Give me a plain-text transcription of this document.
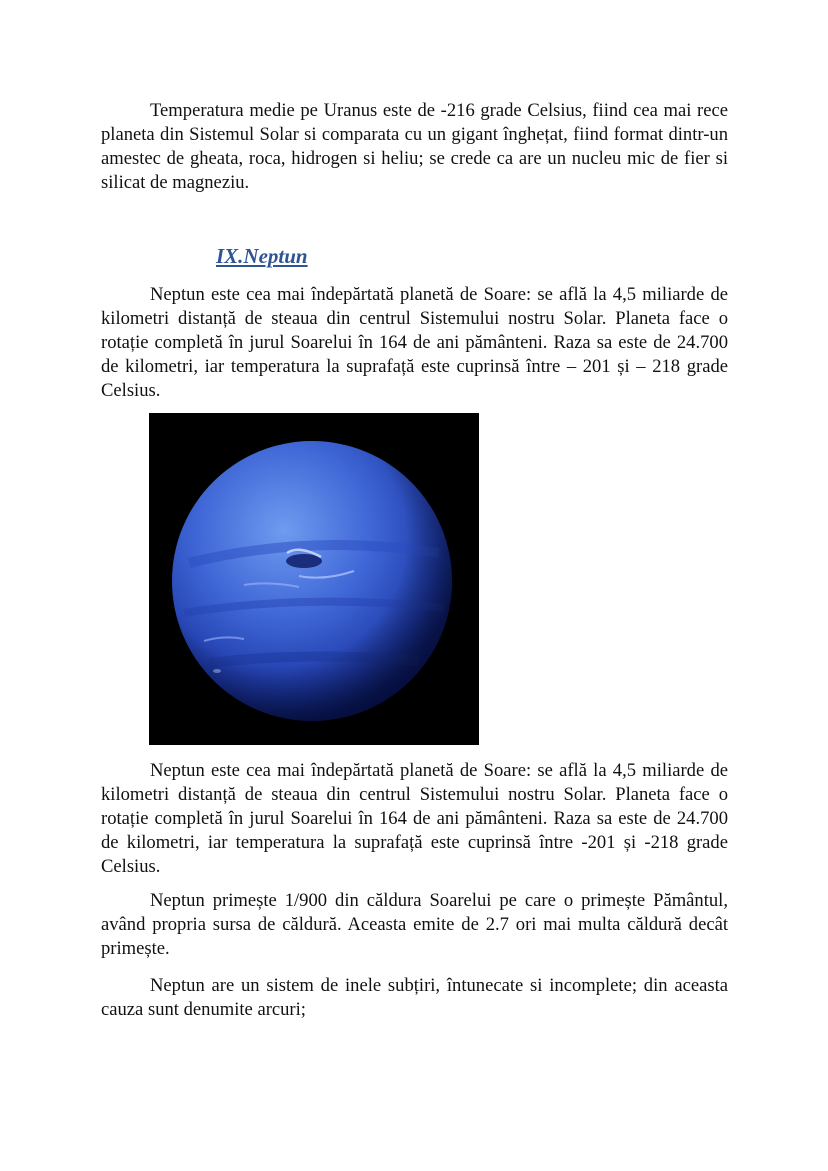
Temperatura medie pe Uranus este de -216 grade Celsius, fiind cea mai rece planeta din Sistemul Solar si comparata cu un gigant înghețat, fiind format dintr-un amestec de gheata, roca, hidrogen si heliu; se crede ca are un nucleu mic de fier si silicat de magneziu.

IX.Neptun

Neptun este cea mai îndepărtată planetă de Soare: se află la 4,5 miliarde de kilometri distanță de steaua din centrul Sistemului nostru Solar. Planeta face o rotație completă în jurul Soarelui în 164 de ani pământeni. Raza sa este de 24.700 de kilometri, iar temperatura la suprafață este cuprinsă între – 201 și – 218 grade Celsius.

Neptun este cea mai îndepărtată planetă de Soare: se află la 4,5 miliarde de kilometri distanță de steaua din centrul Sistemului nostru Solar. Planeta face o rotație completă în jurul Soarelui în 164 de ani pământeni. Raza sa este de 24.700 de kilometri, iar temperatura la suprafață este cuprinsă între -201 și -218 grade Celsius.

Neptun primește 1/900 din căldura Soarelui pe care o primește Pământul, având propria sursa de căldură. Aceasta emite de 2.7 ori mai multa căldură decât primește.

Neptun are un sistem de inele subțiri, întunecate si incomplete; din aceasta cauza sunt denumite arcuri;
